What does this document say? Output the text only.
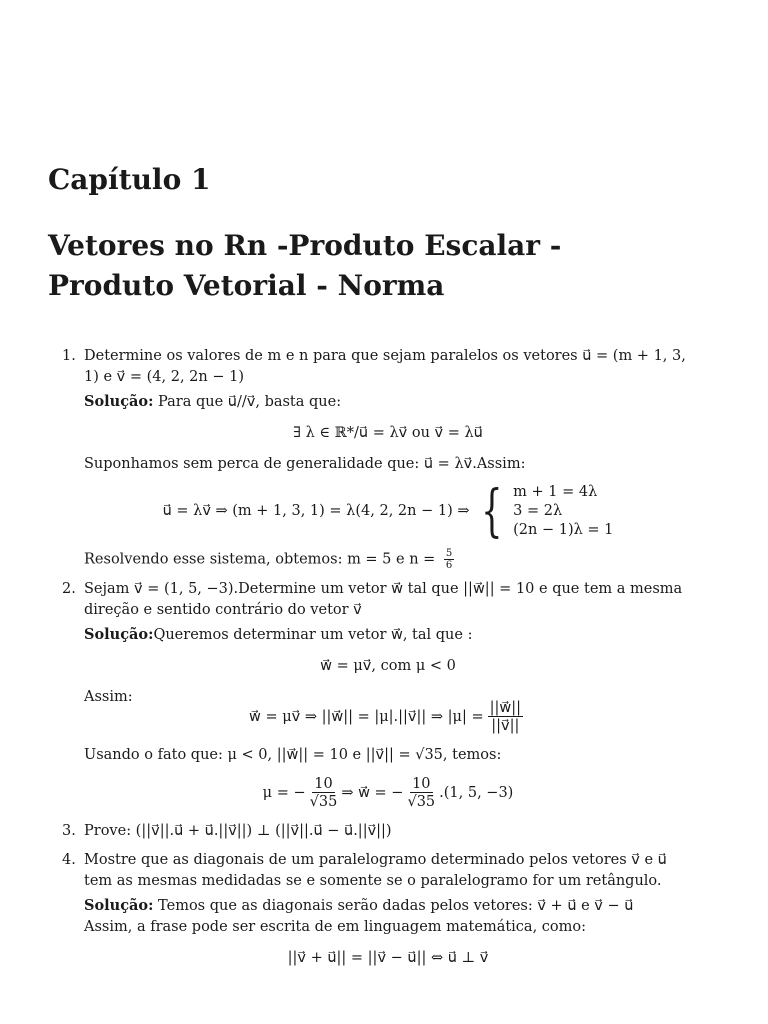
Capítulo 1
Vetores no Rn -Produto Escalar -
Produto Vetorial - Norma
1. Determine os valores de m e n para que sejam paralelos os vetores u⃗ = (m + 1, 3, 1) e v⃗ = (4, 2, 2n − 1)

Solução: Para que u⃗//v⃗, basta que:

∃ λ ∈ ℝ*/u⃗ = λv⃗ ou v⃗ = λu⃗

Suponhamos sem perca de generalidade que: u⃗ = λv⃗.Assim:

u⃗ = λv⃗ ⇒ (m + 1, 3, 1) = λ(4, 2, 2n − 1) ⇒ { m + 1 = 4λ
3 = 2λ
(2n − 1)λ = 1

Resolvendo esse sistema, obtemos: m = 5 e $n = \frac{5}{6}$

2. Sejam v⃗ = (1, 5, −3).Determine um vetor w⃗ tal que ||w⃗|| = 10 e que tem a mesma direção e sentido contrário do vetor v⃗

Solução:Queremos determinar um vetor w⃗, tal que :

w⃗ = μv⃗, com μ < 0

Assim:

w⃗ = μv⃗ ⇒ ||w⃗|| = |μ|.||v⃗|| ⇒ $|\mu| = \frac{||w⃗||}{||v⃗||}$

Usando o fato que: μ < 0, ||w⃗|| = 10 e ||v⃗|| = √35, temos:

μ = − $\frac{10}{√35}$ ⇒ w⃗ = − $\frac{10}{√35} .(1$, 5, −3)
3. Prove: (||v⃗||.u⃗ + u⃗.||v⃗||) ⊥ (||v⃗||.u⃗ − u⃗.||v⃗||)

4. Mostre que as diagonais de um paralelogramo determinado pelos vetores v⃗ e u⃗ tem as mesmas medidadas se e somente se o paralelogramo for um retângulo.

Solução: Temos que as diagonais serão dadas pelos vetores: v⃗ + u⃗ e v⃗ − u⃗

Assim, a frase pode ser escrita de em linguagem matemática, como:

||v⃗ + u⃗|| = ||v⃗ − u⃗|| ⇔ u⃗ ⊥ v⃗
